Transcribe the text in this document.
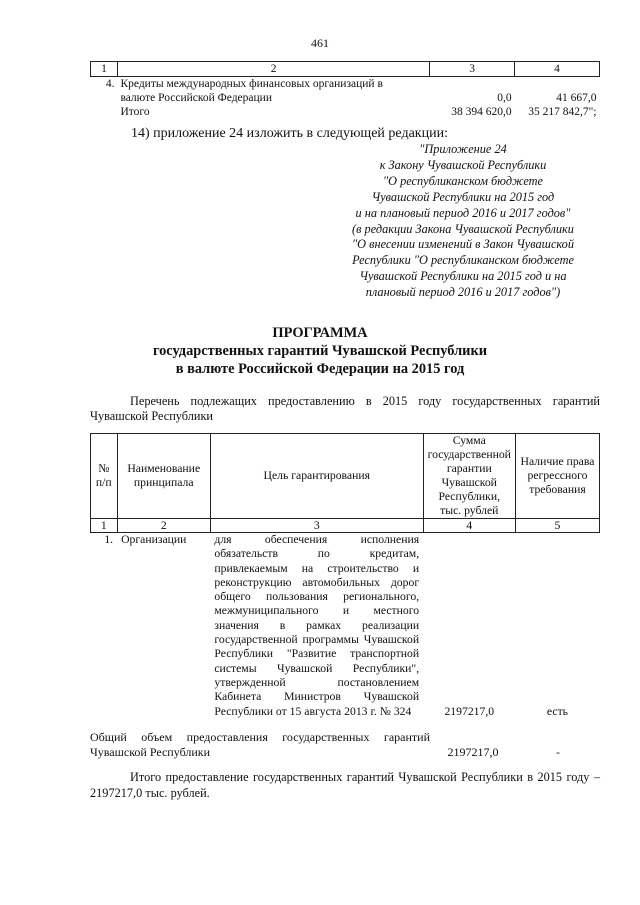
461
1	2	3	4
4.	Кредиты международных финансовых организаций в
валюте Российской Федерации	0,0	41 667,0
	Итого	38 394 620,0	35 217 842,7";
14) приложение 24 изложить в следующей редакции:
"Приложение 24
к Закону Чувашской Республики
"О республиканском бюджете
Чувашской Республики на 2015 год
и на плановый период 2016 и 2017 годов"
(в редакции Закона Чувашской Республики
"О внесении изменений в Закон Чувашской
Республики "О республиканском бюджете
Чувашской Республики на 2015 год и на
плановый период 2016 и 2017 годов")
ПРОГРАММА
государственных гарантий Чувашской Республики
в валюте Российской Федерации на 2015 год
Перечень подлежащих предоставлению в 2015 году государственных гарантий Чувашской Республики
№ п/п	Наименование принципала	Цель гарантирования	Сумма государственной гарантии Чувашской Республики, тыс. рублей	Наличие права регрессного требования
1	2	3	4	5
1.	Организации	для обеспечения исполнения обязательств по кредитам, привлекаемым на строительство и реконструкцию автомобильных дорог общего пользования регионального, межмуниципального и местного значения в рамках реализации государственной программы Чувашской Республики "Развитие транспортной системы Чувашской Республики", утвержденной постановлением Кабинета Министров Чувашской Республики от 15 августа 2013 г. № 324	2197217,0	есть
Общий объем предоставления государственных гарантий Чувашской Республики	2197217,0	-
Итого предоставление государственных гарантий Чувашской Республики в 2015 году – 2197217,0 тыс. рублей.
